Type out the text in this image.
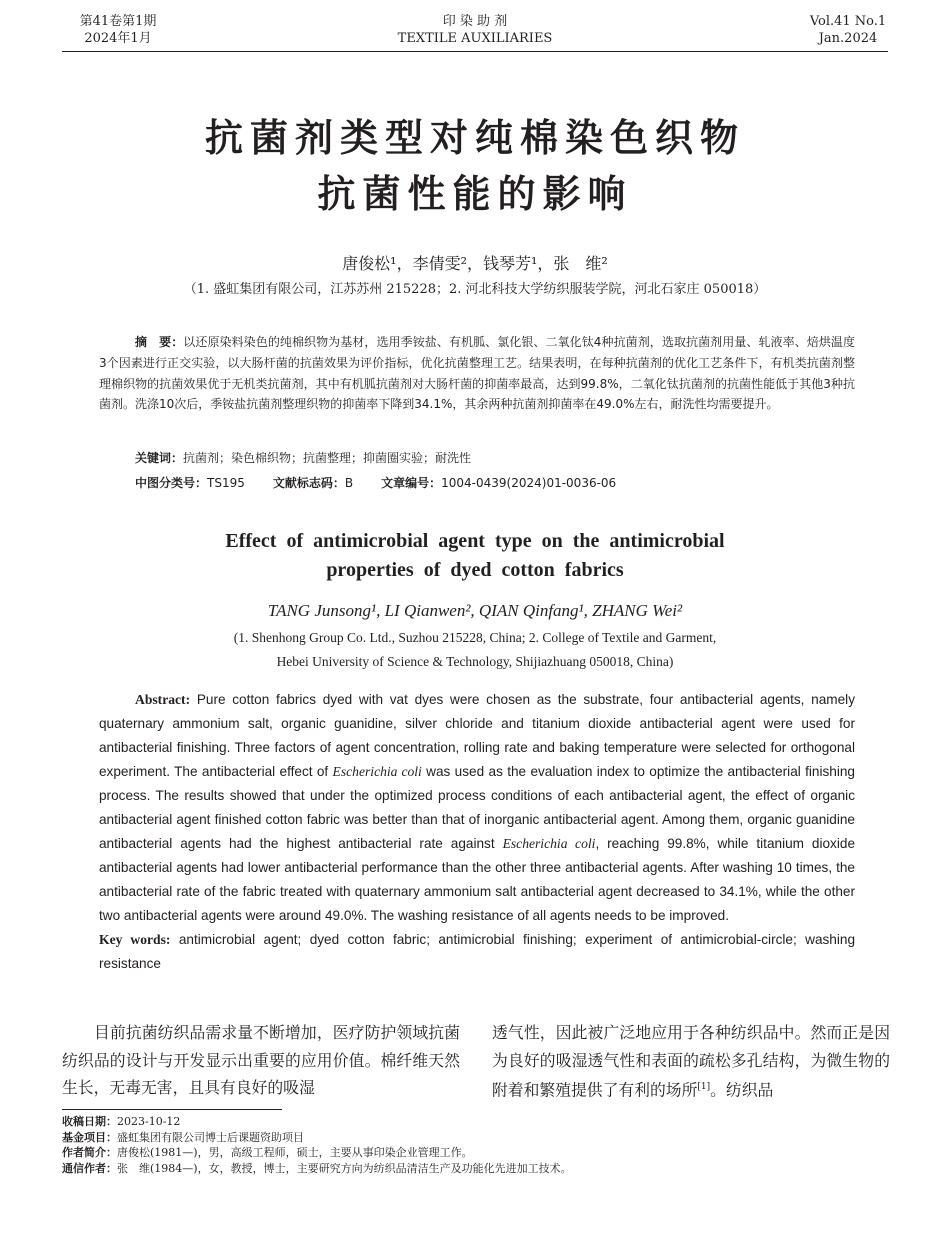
第41卷第1期
2024年1月
印 染 助 剂
TEXTILE AUXILIARIES
Vol.41 No.1
Jan.2024
抗菌剂类型对纯棉染色织物
抗菌性能的影响
唐俊松¹，李倩雯²，钱琴芳¹，张　维²
（1. 盛虹集团有限公司，江苏苏州 215228；2. 河北科技大学纺织服装学院，河北石家庄 050018）
摘　要：以还原染料染色的纯棉织物为基材，选用季铵盐、有机胍、氯化银、二氧化钛4种抗菌剂，选取抗菌剂用量、轧液率、焙烘温度3个因素进行正交实验，以大肠杆菌的抗菌效果为评价指标，优化抗菌整理工艺。结果表明，在每种抗菌剂的优化工艺条件下，有机类抗菌剂整理棉织物的抗菌效果优于无机类抗菌剂，其中有机胍抗菌剂对大肠杆菌的抑菌率最高，达到99.8%，二氧化钛抗菌剂的抗菌性能低于其他3种抗菌剂。洗涤10次后，季铵盐抗菌剂整理织物的抑菌率下降到34.1%，其余两种抗菌剂抑菌率在49.0%左右，耐洗性均需要提升。
关键词：抗菌剂；染色棉织物；抗菌整理；抑菌圈实验；耐洗性
中图分类号：TS195 文献标志码：B 文章编号：1004-0439(2024)01-0036-06
Effect of antimicrobial agent type on the antimicrobial
properties of dyed cotton fabrics
TANG Junsong¹, LI Qianwen², QIAN Qinfang¹, ZHANG Wei²
(1. Shenhong Group Co. Ltd., Suzhou 215228, China; 2. College of Textile and Garment,
Hebei University of Science & Technology, Shijiazhuang 050018, China)
Abstract: Pure cotton fabrics dyed with vat dyes were chosen as the substrate, four antibacterial agents, namely quaternary ammonium salt, organic guanidine, silver chloride and titanium dioxide antibacterial agent were used for antibacterial finishing. Three factors of agent concentration, rolling rate and baking temperature were selected for orthogonal experiment. The antibacterial effect of Escherichia coli was used as the evaluation index to optimize the antibacterial finishing process. The results showed that under the optimized process conditions of each antibacterial agent, the effect of organic antibacterial agent finished cotton fabric was better than that of inorganic antibacterial agent. Among them, organic guanidine antibacterial agents had the highest antibacterial rate against Escherichia coli, reaching 99.8%, while titanium dioxide antibacterial agents had lower antibacterial performance than the other three antibacterial agents. After washing 10 times, the antibacterial rate of the fabric treated with quaternary ammonium salt antibacterial agent decreased to 34.1%, while the other two antibacterial agents were around 49.0%. The washing resistance of all agents needs to be improved.
Key words: antimicrobial agent; dyed cotton fabric; antimicrobial finishing; experiment of antimicrobial-circle; washing resistance
目前抗菌纺织品需求量不断增加，医疗防护领域抗菌纺织品的设计与开发显示出重要的应用价值。棉纤维天然生长，无毒无害，且具有良好的吸湿
透气性，因此被广泛地应用于各种纺织品中。然而正是因为良好的吸湿透气性和表面的疏松多孔结构，为微生物的附着和繁殖提供了有利的场所[1]。纺织品
收稿日期：2023-10-12
基金项目：盛虹集团有限公司博士后课题资助项目
作者简介：唐俊松(1981—)，男，高级工程师，硕士，主要从事印染企业管理工作。
通信作者：张　维(1984—)，女，教授，博士，主要研究方向为纺织品清洁生产及功能化先进加工技术。
